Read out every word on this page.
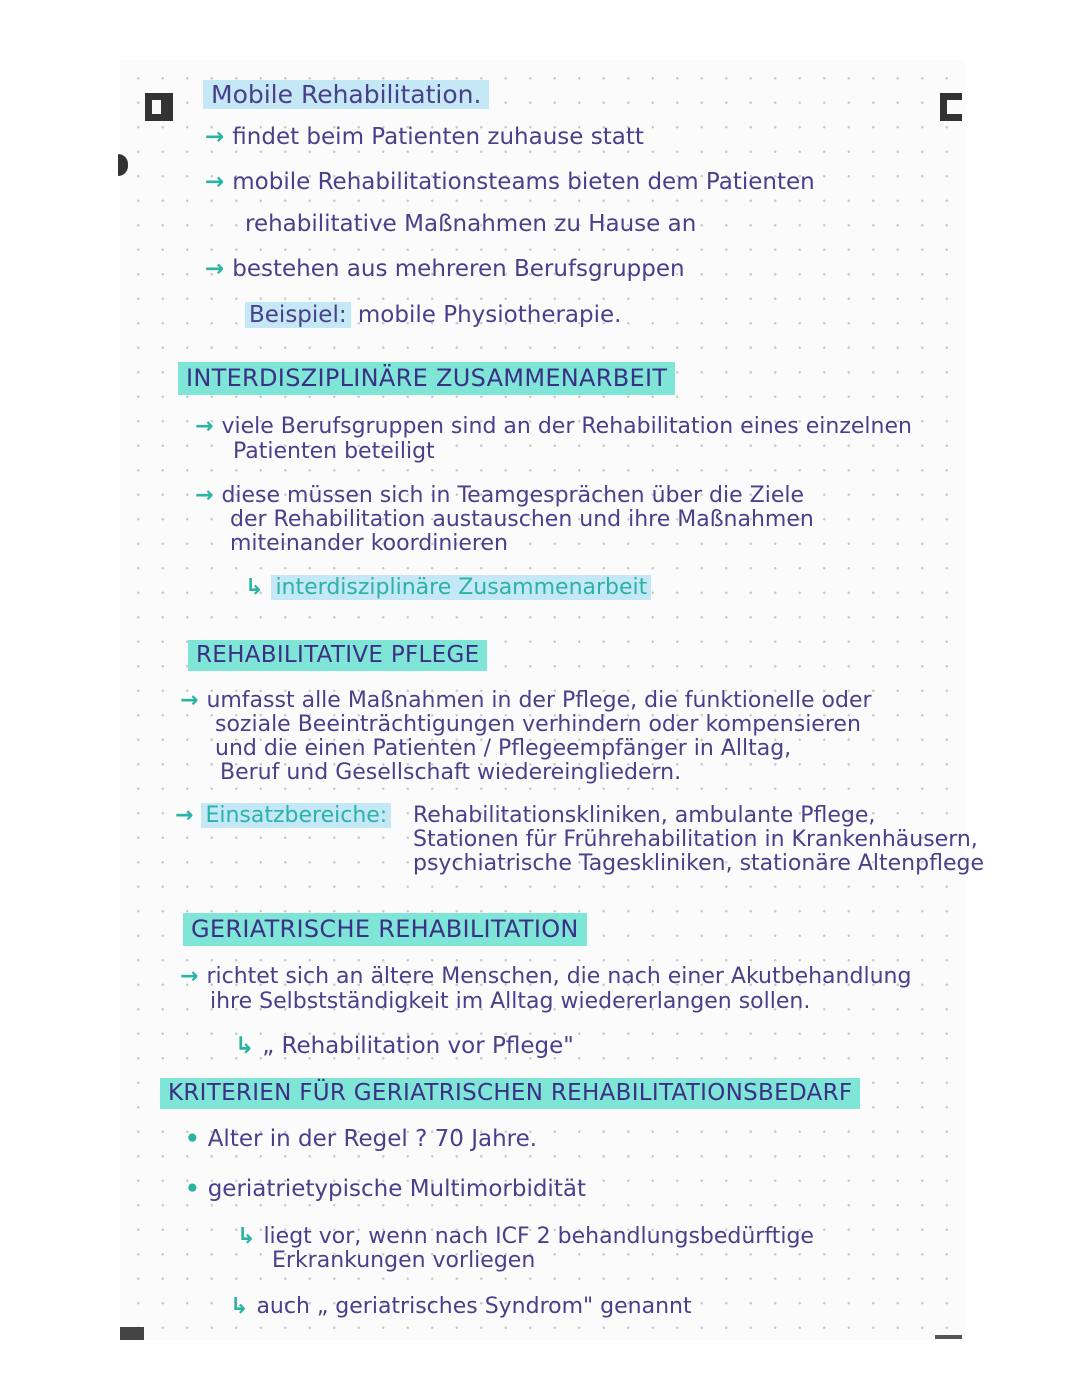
Mobile Rehabilitation.
→ findet beim Patienten zuhause statt
→ mobile Rehabilitationsteams bieten dem Patienten
rehabilitative Maßnahmen zu Hause an
→ bestehen aus mehreren Berufsgruppen
Beispiel: mobile Physiotherapie.
INTERDISZIPLINÄRE ZUSAMMENARBEIT
→ viele Berufsgruppen sind an der Rehabilitation eines einzelnen
Patienten beteiligt
→ diese müssen sich in Teamgesprächen über die Ziele
der Rehabilitation austauschen und ihre Maßnahmen
miteinander koordinieren
↳ interdisziplinäre Zusammenarbeit
REHABILITATIVE PFLEGE
→ umfasst alle Maßnahmen in der Pflege, die funktionelle oder
soziale Beeinträchtigungen verhindern oder kompensieren
und die einen Patienten / Pflegeempfänger in Alltag,
Beruf und Gesellschaft wiedereingliedern.
→ Einsatzbereiche: Rehabilitationskliniken, ambulante Pflege,
Stationen für Frührehabilitation in Krankenhäusern,
psychiatrische Tageskliniken, stationäre Altenpflege
GERIATRISCHE REHABILITATION
→ richtet sich an ältere Menschen, die nach einer Akutbehandlung
ihre Selbstständigkeit im Alltag wiedererlangen sollen.
↳ „ Rehabilitation vor Pflege"
KRITERIEN FÜR GERIATRISCHEN REHABILITATIONSBEDARF
• Alter in der Regel ? 70 Jahre.
• geriatrietypische Multimorbidität
↳ liegt vor, wenn nach ICF 2 behandlungsbedürftige
Erkrankungen vorliegen
↳ auch „ geriatrisches Syndrom" genannt
